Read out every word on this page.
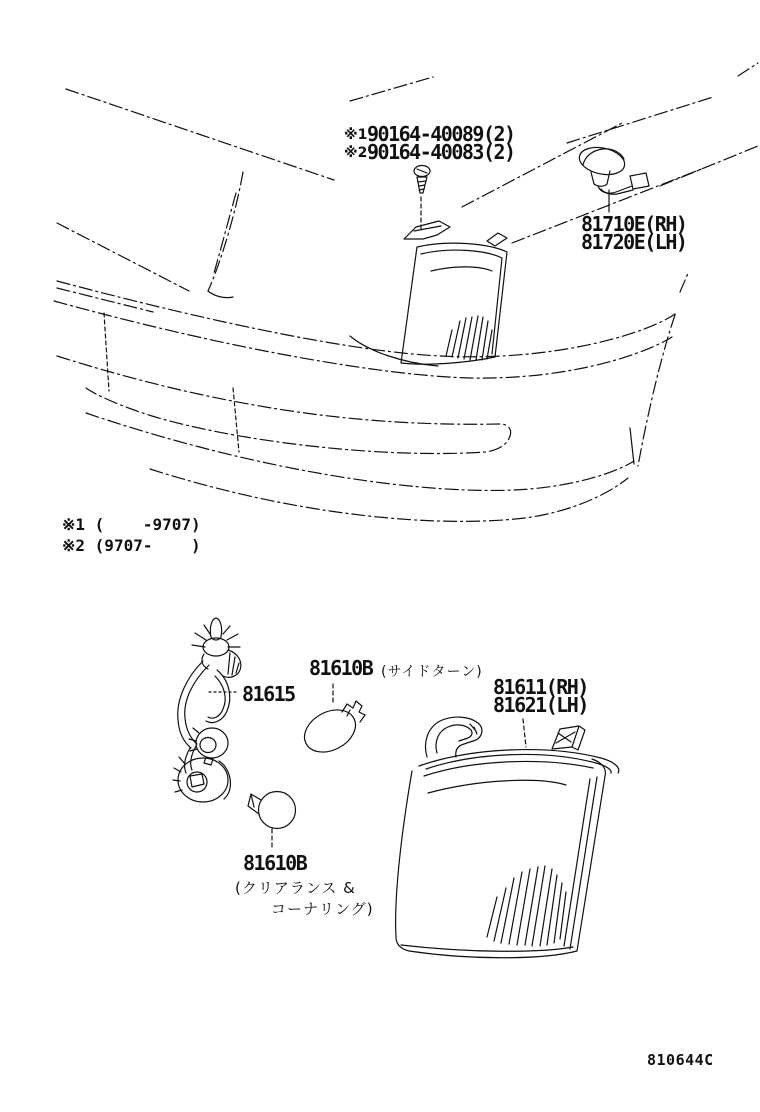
※1 90164-40089(2)
※2 90164-40083(2)
81710E(RH)
81720E(LH)
※1 (    -9707)
※2 (9707-    )
81615
81610B (サイドターン)
81611(RH)
81621(LH)
81610B
(クリアランス &
コーナリング)
810644C
